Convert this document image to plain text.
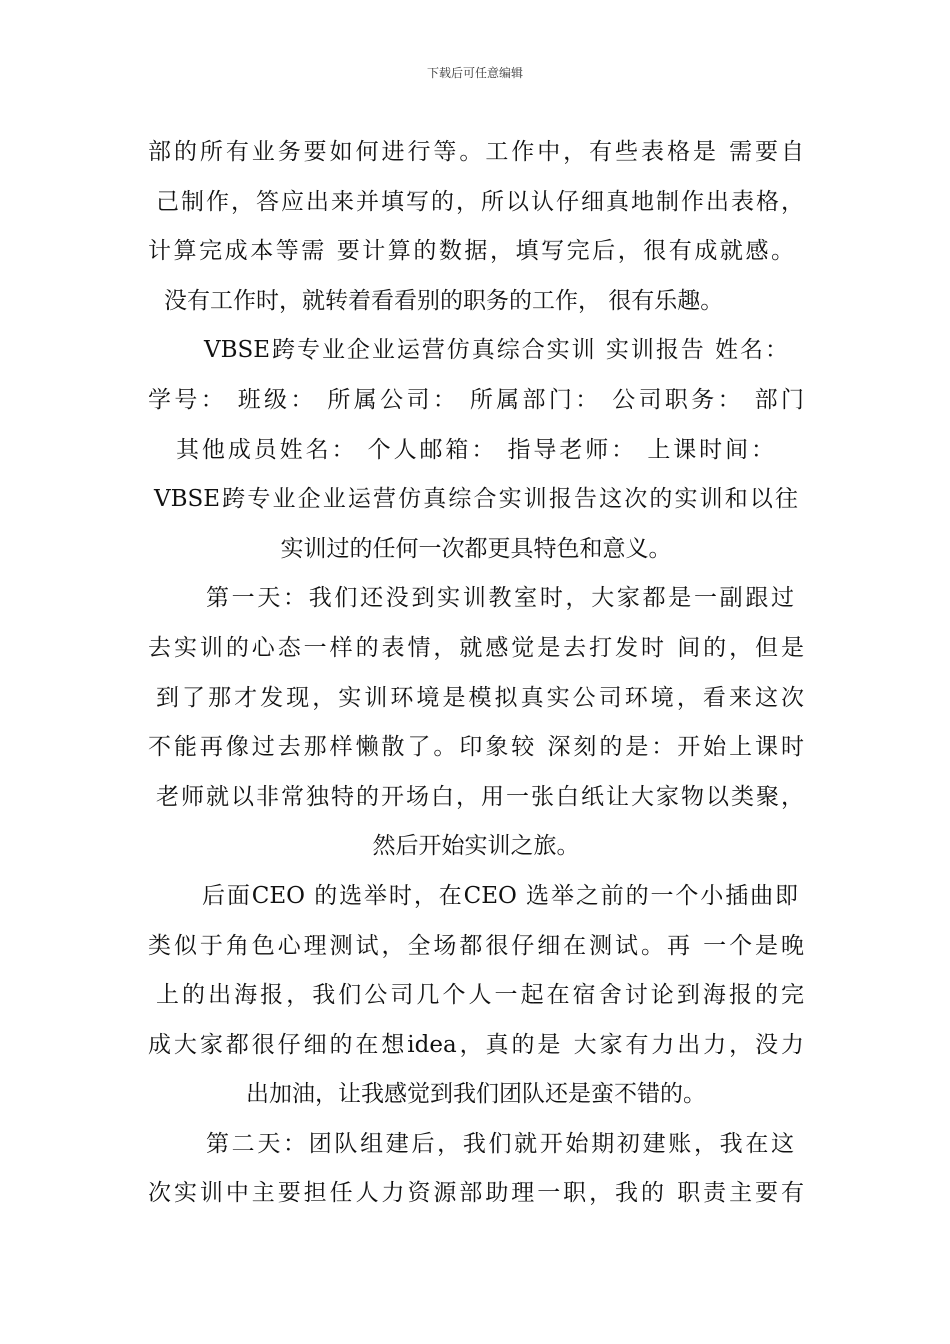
下载后可任意编辑
部的所有业务要如何进行等。工作中，有些表格是 需要自
己制作，答应出来并填写的，所以认仔细真地制作出表格，
计算完成本等需 要计算的数据，填写完后，很有成就感。
没有工作时，就转着看看别的职务的工作， 很有乐趣。
VBSE跨专业企业运营仿真综合实训 实训报告 姓名：
学号： 班级： 所属公司： 所属部门： 公司职务： 部门
其他成员姓名： 个人邮箱： 指导老师： 上课时间：
VBSE跨专业企业运营仿真综合实训报告这次的实训和以往
实训过的任何一次都更具特色和意义。
第一天：我们还没到实训教室时，大家都是一副跟过
去实训的心态一样的表情，就感觉是去打发时 间的，但是
到了那才发现，实训环境是模拟真实公司环境，看来这次
不能再像过去那样懒散了。印象较 深刻的是：开始上课时
老师就以非常独特的开场白，用一张白纸让大家物以类聚，
然后开始实训之旅。
后面CEO 的选举时，在CEO 选举之前的一个小插曲即
类似于角色心理测试，全场都很仔细在测试。再 一个是晚
上的出海报，我们公司几个人一起在宿舍讨论到海报的完
成大家都很仔细的在想idea，真的是 大家有力出力，没力
出加油，让我感觉到我们团队还是蛮不错的。
第二天：团队组建后，我们就开始期初建账，我在这
次实训中主要担任人力资源部助理一职，我的 职责主要有
